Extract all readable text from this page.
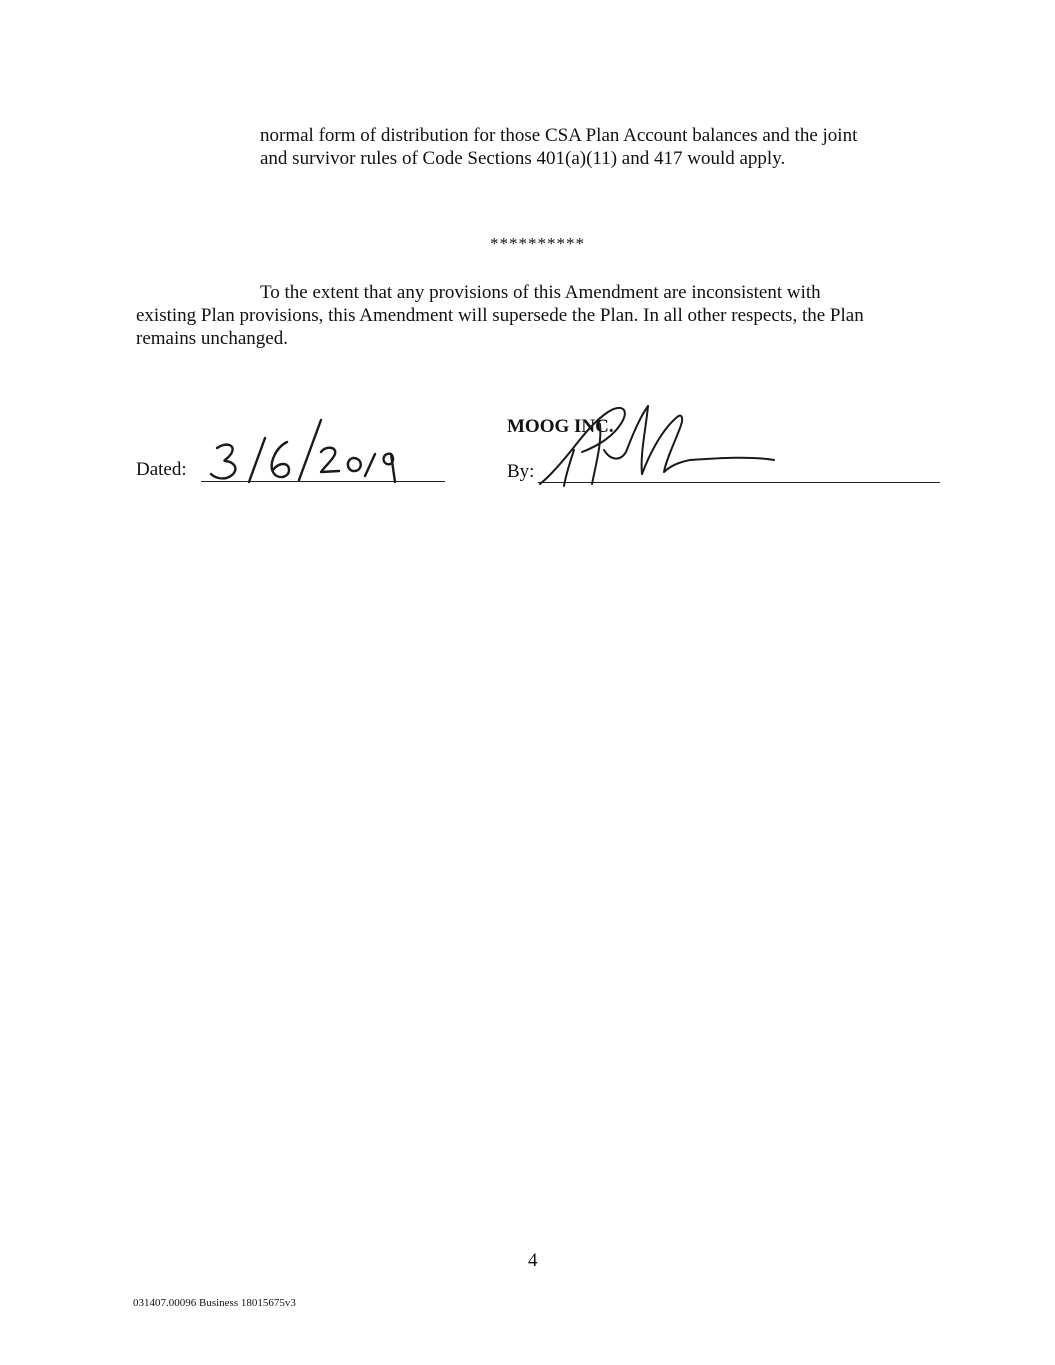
normal form of distribution for those CSA Plan Account balances and the joint
and survivor rules of Code Sections 401(a)(11) and 417 would apply.
**********
To the extent that any provisions of this Amendment are inconsistent with
existing Plan provisions, this Amendment will supersede the Plan. In all other respects, the Plan
remains unchanged.
Dated:
MOOG INC.
By:
4
031407.00096 Business 18015675v3
